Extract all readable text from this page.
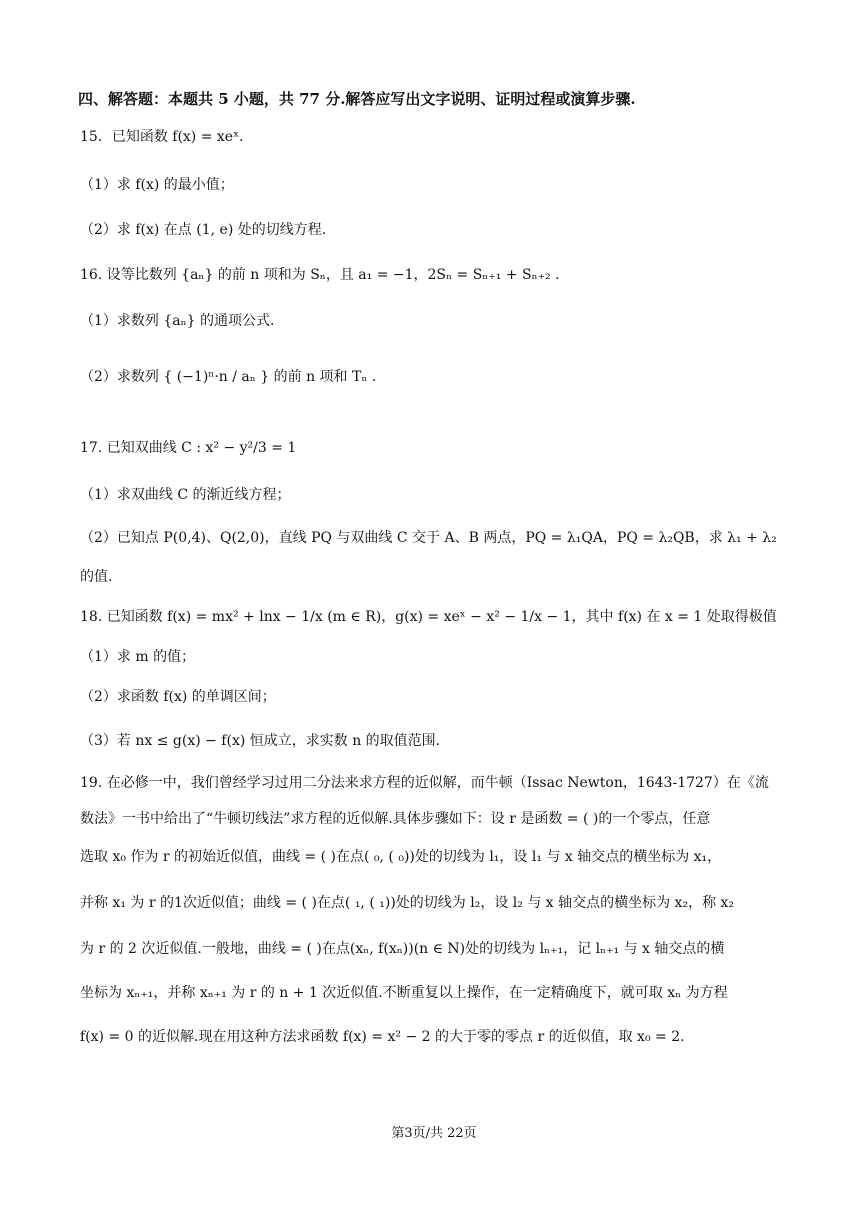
四、解答题：本题共 5 小题，共 77 分.解答应写出文字说明、证明过程或演算步骤.
15．已知函数 f(x) = xeˣ.
（1）求 f(x) 的最小值；
（2）求 f(x) 在点 (1, e) 处的切线方程.
16. 设等比数列 {aₙ} 的前 n 项和为 Sₙ，且 a₁ = −1，2Sₙ = Sₙ₊₁ + Sₙ₊₂ .
（1）求数列 {aₙ} 的通项公式.
（2）求数列 { (−1)ⁿ·n / aₙ } 的前 n 项和 Tₙ .
17. 已知双曲线 C : x² − y²/3 = 1
（1）求双曲线 C 的渐近线方程；
（2）已知点 P(0,4)、Q(2,0)，直线 PQ 与双曲线 C 交于 A、B 两点，PQ = λ₁QA，PQ = λ₂QB，求 λ₁ + λ₂
的值.
18. 已知函数 f(x) = mx² + lnx − 1/x (m ∈ R)，g(x) = xeˣ − x² − 1/x − 1，其中 f(x) 在 x = 1 处取得极值
（1）求 m 的值；
（2）求函数 f(x) 的单调区间；
（3）若 nx ≤ g(x) − f(x) 恒成立，求实数 n 的取值范围.
19. 在必修一中，我们曾经学习过用二分法来求方程的近似解，而牛顿（Issac Newton，1643-1727）在《流
数法》一书中给出了“牛顿切线法”求方程的近似解.具体步骤如下：设 r 是函数 = ( )的一个零点，任意
选取 x₀ 作为 r 的初始近似值，曲线 = ( )在点( ₀, ( ₀))处的切线为 l₁，设 l₁ 与 x 轴交点的横坐标为 x₁，
并称 x₁ 为 r 的1次近似值；曲线 = ( )在点( ₁, ( ₁))处的切线为 l₂，设 l₂ 与 x 轴交点的横坐标为 x₂，称 x₂
为 r 的 2 次近似值.一般地，曲线 = ( )在点(xₙ, f(xₙ))(n ∈ N)处的切线为 lₙ₊₁，记 lₙ₊₁ 与 x 轴交点的横
坐标为 xₙ₊₁，并称 xₙ₊₁ 为 r 的 n + 1 次近似值.不断重复以上操作，在一定精确度下，就可取 xₙ 为方程
f(x) = 0 的近似解.现在用这种方法求函数 f(x) = x² − 2 的大于零的零点 r 的近似值，取 x₀ = 2.
第3页/共 22页
